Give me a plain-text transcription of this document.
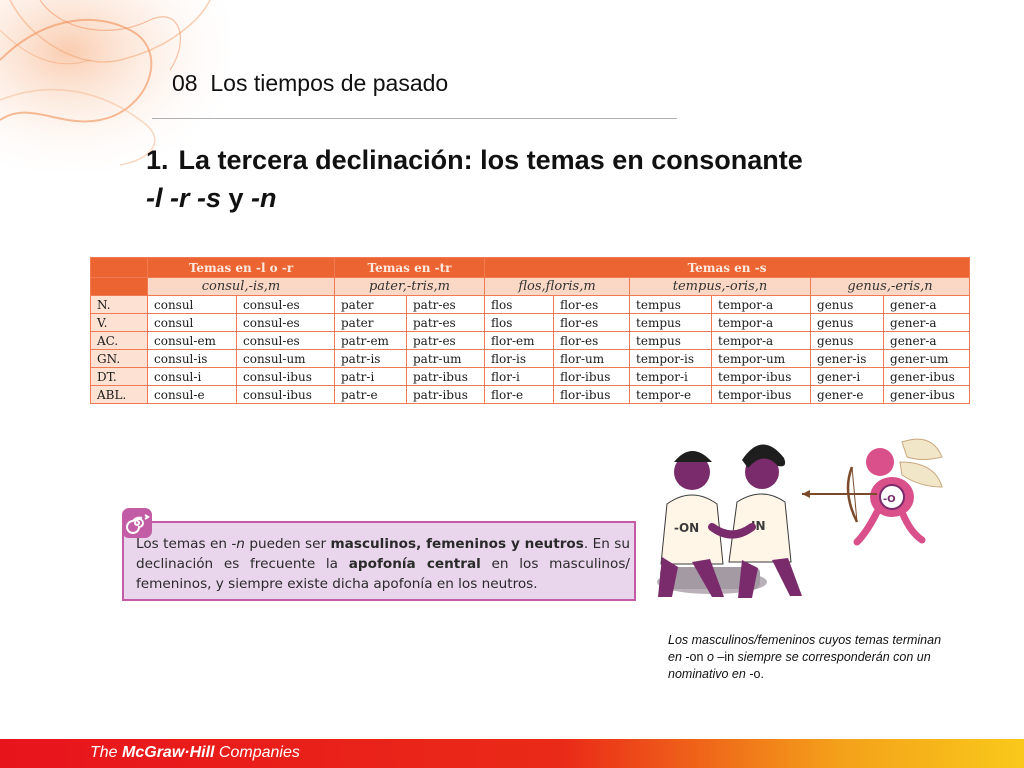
08  Los tiempos de pasado
1. La tercera declinación: los temas en consonante
-l -r -s y -n
	Temas en -l o -r		Temas en -tr		Temas en -s					
	consul,-is,m		pater,-tris,m		flos,floris,m		tempus,-oris,n		genus,-eris,n	
N.	consul	consul-es	pater	patr-es	flos	flor-es	tempus	tempor-a	genus	gener-a
V.	consul	consul-es	pater	patr-es	flos	flor-es	tempus	tempor-a	genus	gener-a
AC.	consul-em	consul-es	patr-em	patr-es	flor-em	flor-es	tempus	tempor-a	genus	gener-a
GN.	consul-is	consul-um	patr-is	patr-um	flor-is	flor-um	tempor-is	tempor-um	gener-is	gener-um
DT.	consul-i	consul-ibus	patr-i	patr-ibus	flor-i	flor-ibus	tempor-i	tempor-ibus	gener-i	gener-ibus
ABL.	consul-e	consul-ibus	patr-e	patr-ibus	flor-e	flor-ibus	tempor-e	tempor-ibus	gener-e	gener-ibus
Los temas en -n pueden ser masculinos, femeninos y neutros. En su declinación es frecuente la apofonía central en los masculinos/ femeninos, y siempre existe dicha apofonía en los neutros.
-ON	-IN
-O
Los masculinos/femeninos cuyos temas terminan en -on o –in siempre se corresponderán con un nominativo en -o.
The McGraw·Hill Companies
